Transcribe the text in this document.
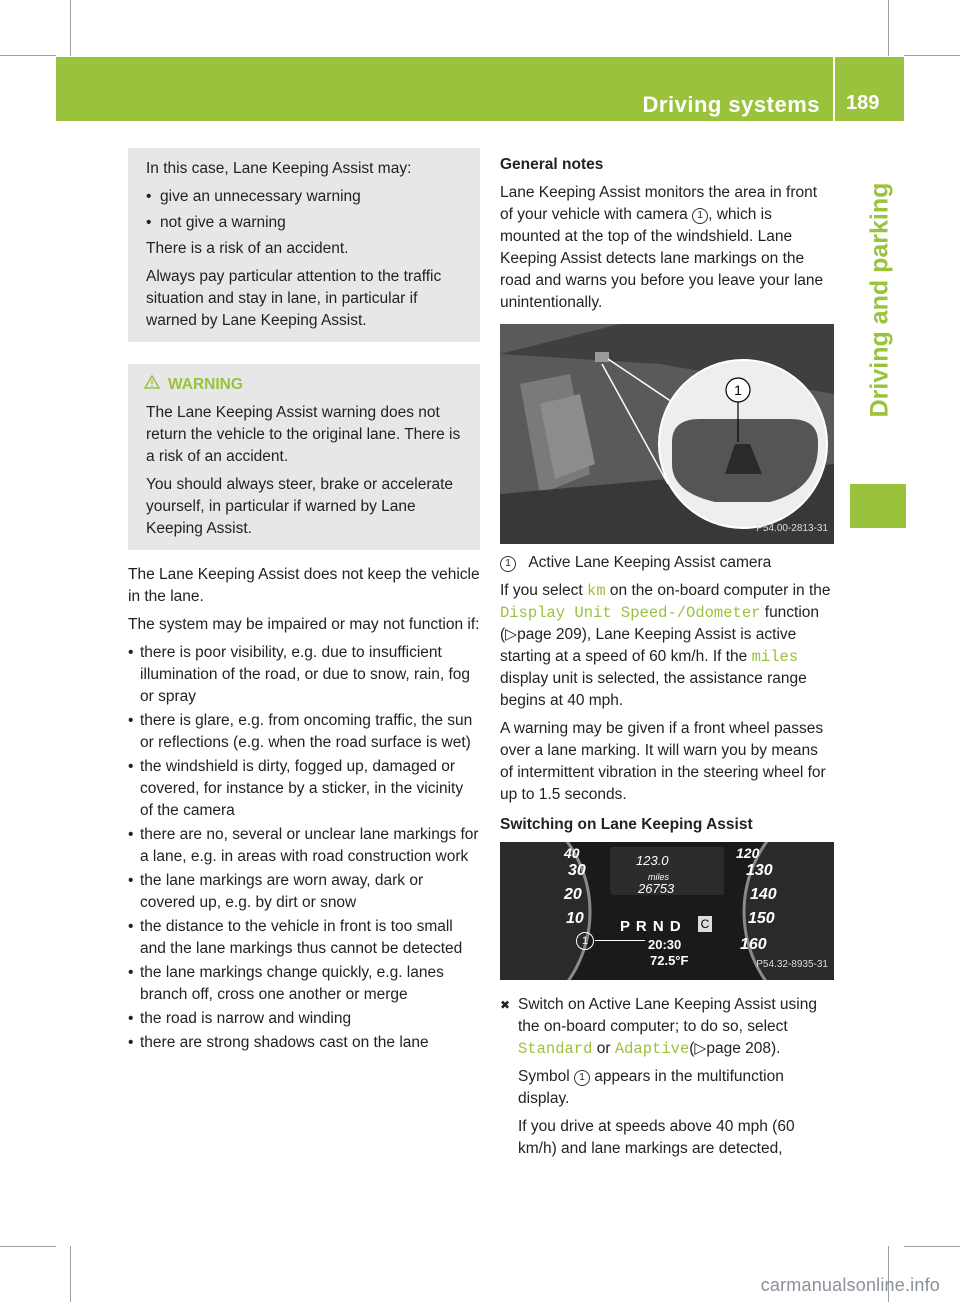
Driving systems 189
Driving and parking

In this case, Lane Keeping Assist may:

• give an unnecessary warning
• not give a warning

There is a risk of an accident.

Always pay particular attention to the traffic situation and stay in lane, in particular if warned by Lane Keeping Assist.

WARNING

The Lane Keeping Assist warning does not return the vehicle to the original lane. There is a risk of an accident.

You should always steer, brake or accelerate yourself, in particular if warned by Lane Keeping Assist.

The Lane Keeping Assist does not keep the vehicle in the lane.

The system may be impaired or may not function if:

• there is poor visibility, e.g. due to insufficient illumination of the road, or due to snow, rain, fog or spray
• there is glare, e.g. from oncoming traffic, the sun or reflections (e.g. when the road surface is wet)
• the windshield is dirty, fogged up, damaged or covered, for instance by a sticker, in the vicinity of the camera
• there are no, several or unclear lane markings for a lane, e.g. in areas with road construction work
• the lane markings are worn away, dark or covered up, e.g. by dirt or snow
• the distance to the vehicle in front is too small and the lane markings thus cannot be detected
• the lane markings change quickly, e.g. lanes branch off, cross one another or merge
• the road is narrow and winding
• there are strong shadows cast on the lane

General notes

Lane Keeping Assist monitors the area in front of your vehicle with camera 1 , which is mounted at the top of the windshield. Lane Keeping Assist detects lane markings on the road and warns you before you leave your lane unintentionally.

1
P54.00-2813-31

1 Active Lane Keeping Assist camera

If you select km on the on-board computer in the Display Unit Speed-/Odometer function (▷page 209), Lane Keeping Assist is active starting at a speed of 60 km/h. If the miles display unit is selected, the assistance range begins at 40 mph.

A warning may be given if a front wheel passes over a lane marking. It will warn you by means of intermittent vibration in the steering wheel for up to 1.5 seconds.

Switching on Lane Keeping Assist

40
30
20
10
123.0
miles
26753
P R N D C
20:30
72.5°F
120
130
140
150
160
1
P54.32-8935-31

✖ Switch on Active Lane Keeping Assist using the on-board computer; to do so, select Standard or Adaptive(▷page 208).

Symbol 1 appears in the multifunction display.

If you drive at speeds above 40 mph (60 km/h) and lane markings are detected,

carmanualsonline.info
